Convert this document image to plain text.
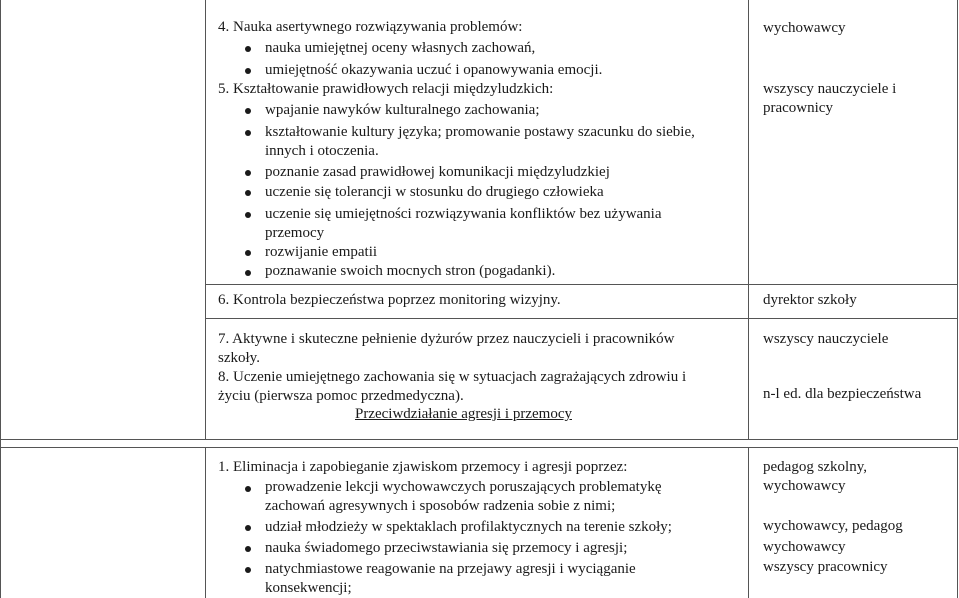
4. Nauka asertywnego rozwiązywania problemów:
nauka umiejętnej oceny własnych zachowań,
umiejętność okazywania uczuć i opanowywania emocji.
5. Kształtowanie prawidłowych relacji międzyludzkich:
wpajanie nawyków kulturalnego zachowania;
kształtowanie kultury języka; promowanie postawy szacunku do siebie,
innych i otoczenia.
poznanie zasad prawidłowej komunikacji międzyludzkiej
uczenie się tolerancji w stosunku do drugiego człowieka
uczenie się umiejętności rozwiązywania konfliktów bez używania
przemocy
rozwijanie empatii
poznawanie swoich mocnych stron (pogadanki).
wychowawcy
wszyscy nauczyciele i
pracownicy
6. Kontrola bezpieczeństwa poprzez monitoring wizyjny.	dyrektor szkoły
7. Aktywne i skuteczne pełnienie dyżurów przez nauczycieli i pracowników
szkoły.
8. Uczenie umiejętnego zachowania się w sytuacjach zagrażających zdrowiu i
życiu (pierwsza pomoc przedmedyczna).
Przeciwdziałanie agresji i przemocy
wszyscy nauczyciele
n-l ed. dla bezpieczeństwa
1. Eliminacja i zapobieganie zjawiskom przemocy i agresji poprzez:
prowadzenie lekcji wychowawczych poruszających problematykę
zachowań agresywnych i sposobów radzenia sobie z nimi;
udział młodzieży w spektaklach profilaktycznych na terenie szkoły;
nauka świadomego przeciwstawiania się przemocy i agresji;
natychmiastowe reagowanie na przejawy agresji i wyciąganie
konsekwencji;
pedagog szkolny,
wychowawcy
wychowawcy, pedagog
wychowawcy
wszyscy pracownicy
